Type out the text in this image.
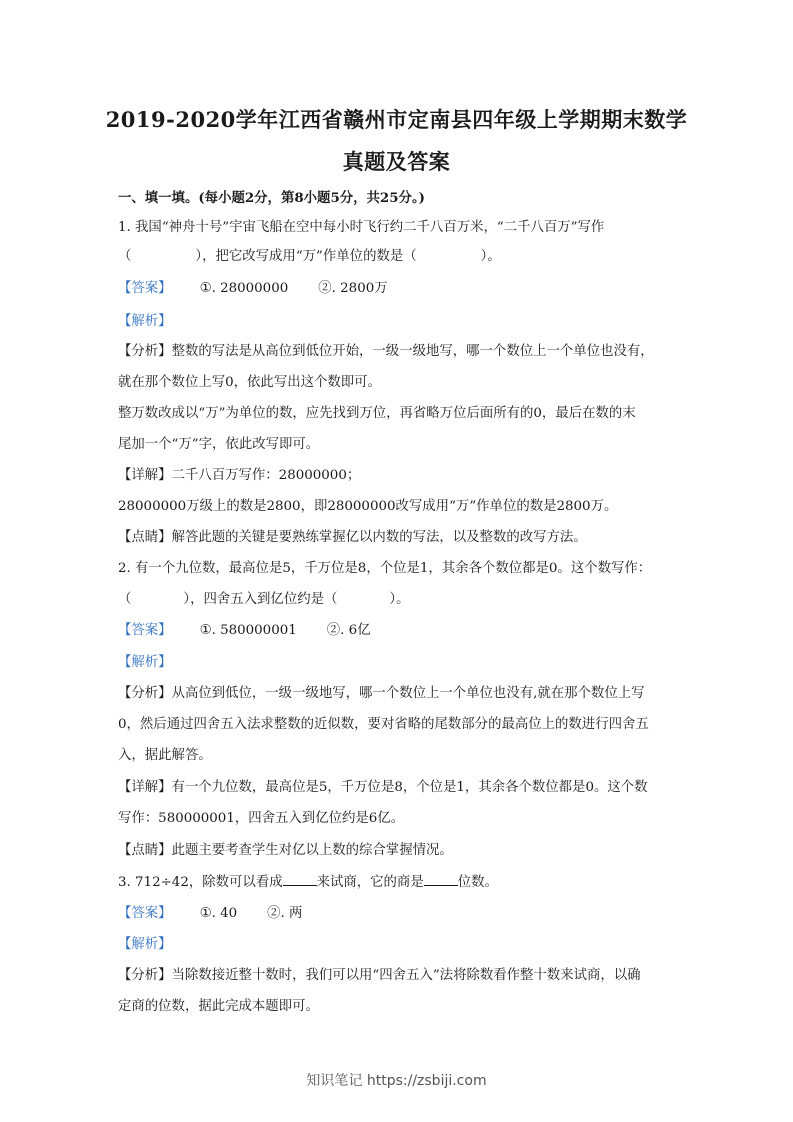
2019-2020学年江西省赣州市定南县四年级上学期期末数学
真题及答案
一、填一填。(每小题2分，第8小题5分，共25分。)
1. 我国“神舟十号”宇宙飞船在空中每小时飞行约二千八百万米，“二千八百万”写作
（	），把它改写成用“万”作单位的数是（	）。
【答案】 ①. 28000000 ②. 2800万
【解析】
【分析】整数的写法是从高位到低位开始，一级一级地写，哪一个数位上一个单位也没有，
就在那个数位上写0，依此写出这个数即可。
整万数改成以“万”为单位的数，应先找到万位，再省略万位后面所有的0，最后在数的末
尾加一个“万”字，依此改写即可。
【详解】二千八百万写作：28000000；
28000000万级上的数是2800，即28000000改写成用“万”作单位的数是2800万。
【点睛】解答此题的关键是要熟练掌握亿以内数的写法，以及整数的改写方法。
2. 有一个九位数，最高位是5，千万位是8，个位是1，其余各个数位都是0。这个数写作：
（	），四舍五入到亿位约是（	）。
【答案】 ①. 580000001 ②. 6亿
【解析】
【分析】从高位到低位，一级一级地写，哪一个数位上一个单位也没有,就在那个数位上写
0，然后通过四舍五入法求整数的近似数，要对省略的尾数部分的最高位上的数进行四舍五
入，据此解答。
【详解】有一个九位数，最高位是5，千万位是8，个位是1，其余各个数位都是0。这个数
写作：580000001，四舍五入到亿位约是6亿。
【点睛】此题主要考查学生对亿以上数的综合掌握情况。
3. 712÷42，除数可以看成	来试商，它的商是	位数。
【答案】 ①. 40 ②. 两
【解析】
【分析】当除数接近整十数时，我们可以用“四舍五入”法将除数看作整十数来试商，以确
定商的位数，据此完成本题即可。
知识笔记 https://zsbiji.com
